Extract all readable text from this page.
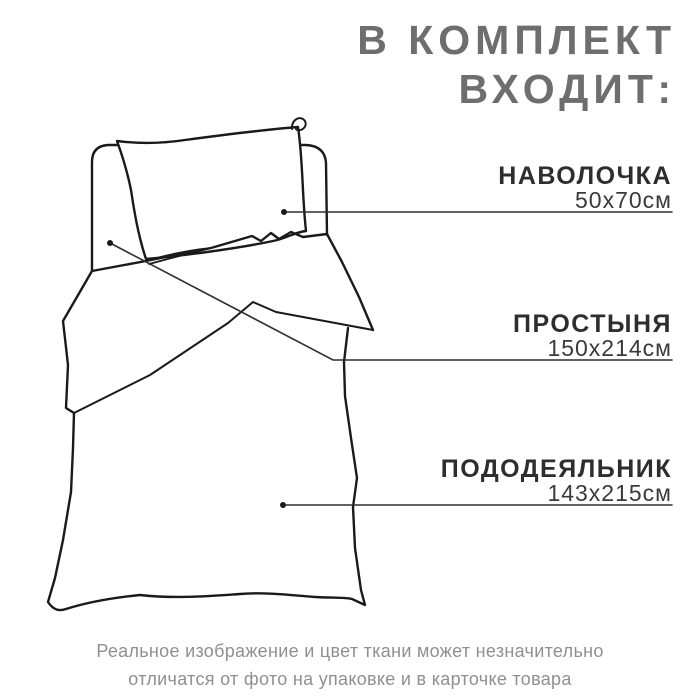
В КОМПЛЕКТ
ВХОДИТ:
НАВОЛОЧКА
50х70см
ПРОСТЫНЯ
150х214см
ПОДОДЕЯЛЬНИК
143х215см
Реальное изображение и цвет ткани может незначительно
отличатся от фото на упаковке и в карточке товара
